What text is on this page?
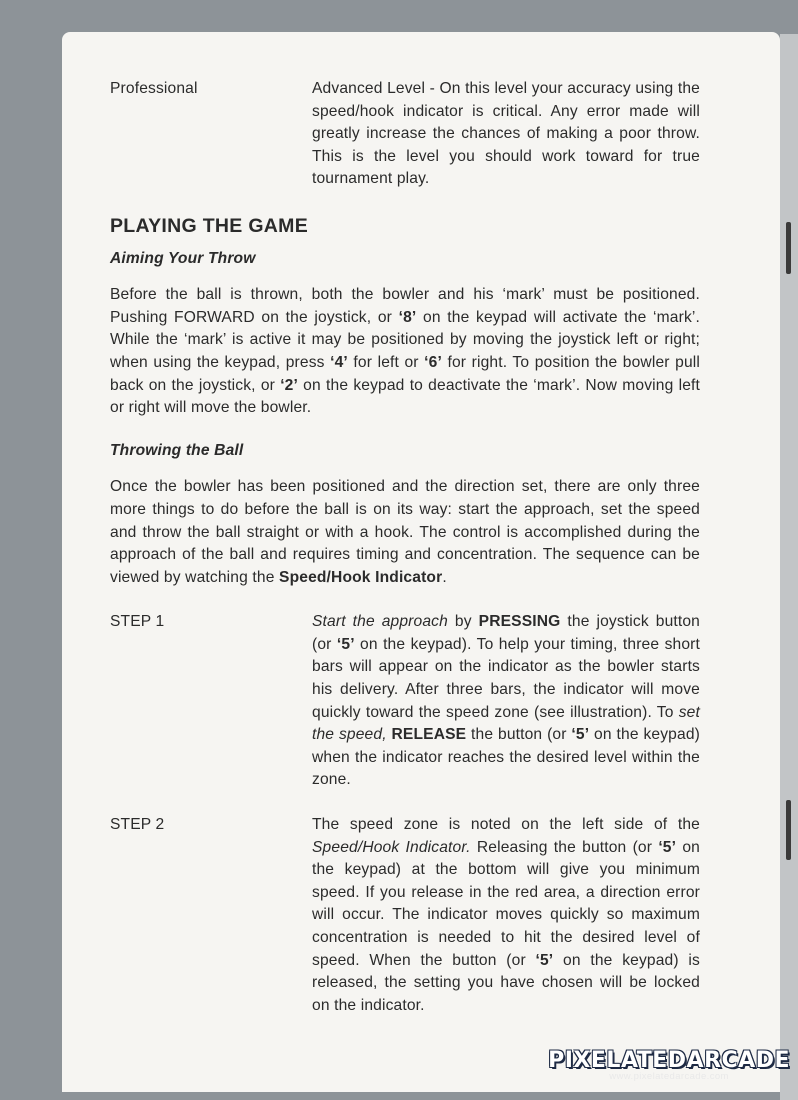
Professional	Advanced Level - On this level your accuracy using the speed/hook indicator is critical. Any error made will greatly increase the chances of making a poor throw. This is the level you should work toward for true tournament play.
PLAYING THE GAME
Aiming Your Throw
Before the ball is thrown, both the bowler and his ‘mark’ must be positioned. Pushing FORWARD on the joystick, or ‘8’ on the keypad will activate the ‘mark’. While the ‘mark’ is active it may be positioned by moving the joystick left or right; when using the keypad, press ‘4’ for left or ‘6’ for right. To position the bowler pull back on the joystick, or ‘2’ on the keypad to deactivate the ‘mark’. Now moving left or right will move the bowler.
Throwing the Ball
Once the bowler has been positioned and the direction set, there are only three more things to do before the ball is on its way: start the approach, set the speed and throw the ball straight or with a hook. The control is accomplished during the approach of the ball and requires timing and concentration. The sequence can be viewed by watching the Speed/Hook Indicator.
STEP 1	Start the approach by PRESSING the joystick button (or ‘5’ on the keypad). To help your timing, three short bars will appear on the indicator as the bowler starts his delivery. After three bars, the indicator will move quickly toward the speed zone (see illustration). To set the speed, RELEASE the button (or ‘5’ on the keypad) when the indicator reaches the desired level within the zone.
STEP 2	The speed zone is noted on the left side of the Speed/Hook Indicator. Releasing the button (or ‘5’ on the keypad) at the bottom will give you minimum speed. If you release in the red area, a direction error will occur. The indicator moves quickly so maximum concentration is needed to hit the desired level of speed. When the button (or ‘5’ on the keypad) is released, the setting you have chosen will be locked on the indicator.
PIXELATEDARCADE
www.pixelatedarcade.com
